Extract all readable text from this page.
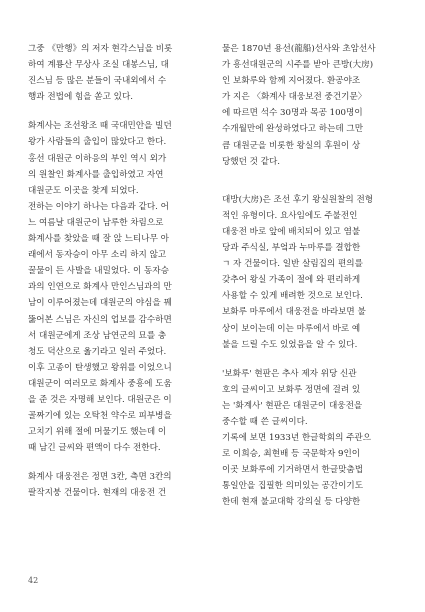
그중 《만행》의 저자 현각스님을 비롯
하여 계룡산 무상사 조실 대봉스님, 대
진스님 등 많은 분들이 국내외에서 수
행과 전법에 힘을 쏟고 있다.
화계사는 조선왕조 때 국대민안을 빌던
왕가 사람들의 출입이 많았다고 한다.
홍선 대원군 이하응의 부인 역시 외가
의 원찰인 화계사를 출입하였고 자연
대원군도 이곳을 찾게 되었다.
전하는 이야기 하나는 다음과 같다. 어
느 여름날 대원군이 남루한 차림으로
화계사를 찾았을 때 잘 앉 느티나무 아
래에서 동자승이 아무 소리 하지 않고
꿀물이 든 사발을 내밀었다. 이 동자승
과의 인연으로 화계사 만인스님과의 만
남이 이루어졌는데 대원군의 야심을 꿰
뚫어본 스님은 자신의 업보를 감수하면
서 대원군에게 조상 남연군의 묘를 충
청도 덕산으로 옮기라고 일러 주었다.
이후 고종이 탄생했고 왕위를 이었으니
대원군이 여러모로 화계사 중흥에 도움
을 준 것은 자명해 보인다. 대원군은 이
골짜기에 있는 오탁천 약수로 피부병을
고치기 위해 절에 머물기도 했는데 이
때 남긴 글씨와 편액이 다수 전한다.
화계사 대웅전은 정면 3칸, 측면 3칸의
팔작지붕 건물이다. 현재의 대웅전 건
물은 1870년 용선(龍船)선사와 초암선사
가 흥선대원군의 시주를 받아 큰방(大房)
인 보화루와 함께 지어졌다. 환공야조
가 지은 〈화계사 대웅보전 중건기문〉
에 따르면 석수 30명과 목공 100명이
수개월만에 완성하였다고 하는데 그만
큼 대원군을 비롯한 왕실의 후원이 상
당했던 것 같다.
대방(大房)은 조선 후기 왕실원찰의 전형
적인 유형이다. 요사임에도 주불전인
대웅전 바로 앞에 배치되어 있고 염불
당과 주식실, 부엌과 누마루를 결합한
ㄱ 자 건물이다. 일반 살림집의 편의를
갖추어 왕실 가족이 절에 와 편리하게
사용할 수 있게 배려한 것으로 보인다.
보화루 마루에서 대웅전을 바라보면 불
상이 보이는데 이는 마루에서 바로 예
불을 드릴 수도 있었음을 알 수 있다.
'보화루' 현판은 추사 제자 위당 신관
호의 글씨이고 보화루 정면에 걸려 있
는 '화계사' 현판은 대원군이 대웅전을
중수할 때 쓴 글씨이다.
기록에 보면 1933년 한글학회의 주관으
로 이희승, 최현배 등 국문학자 9인이
이곳 보화루에 기거하면서 한글맞춤법
통일안을 집필한 의미있는 공간이기도
한데 현재 불교대학 강의실 등 다양한
42
